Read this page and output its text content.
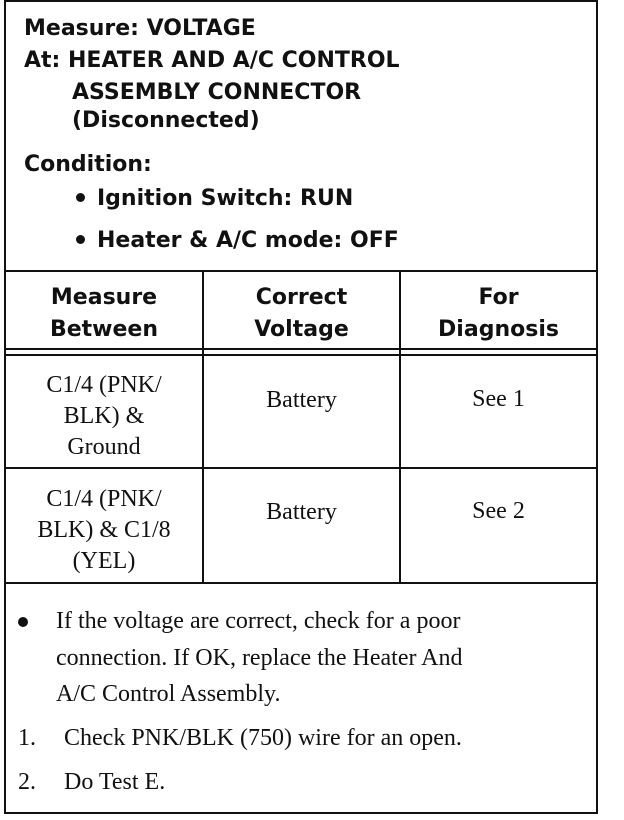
Measure: VOLTAGE
At: HEATER AND A/C CONTROL
ASSEMBLY CONNECTOR
(Disconnected)
Condition:
Ignition Switch: RUN
Heater & A/C mode: OFF
Measure
Between
Correct
Voltage
For
Diagnosis
C1/4 (PNK/
BLK) &
Ground
Battery	See 1
C1/4 (PNK/
BLK) & C1/8
(YEL)
Battery	See 2
If the voltage are correct, check for a poor
connection. If OK, replace the Heater And
A/C Control Assembly.
1. Check PNK/BLK (750) wire for an open.
2. Do Test E.
